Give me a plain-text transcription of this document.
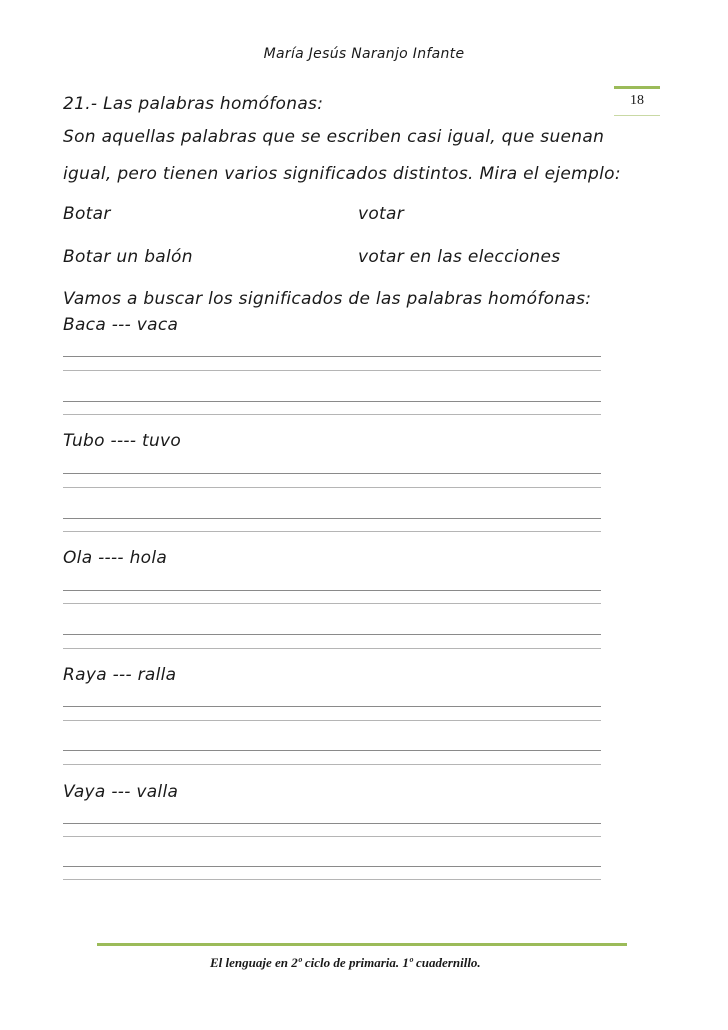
María Jesús Naranjo Infante
18
21.- Las palabras homófonas:
Son aquellas palabras que se escriben casi igual, que suenan
igual, pero tienen varios significados distintos. Mira el ejemplo:
Botar	votar
Botar un balón	votar en las elecciones
Vamos a buscar los significados de las palabras homófonas:
Baca --- vaca
Tubo ---- tuvo
Ola ---- hola
Raya --- ralla
Vaya --- valla
El lenguaje en 2º ciclo de primaria. 1º cuadernillo.
